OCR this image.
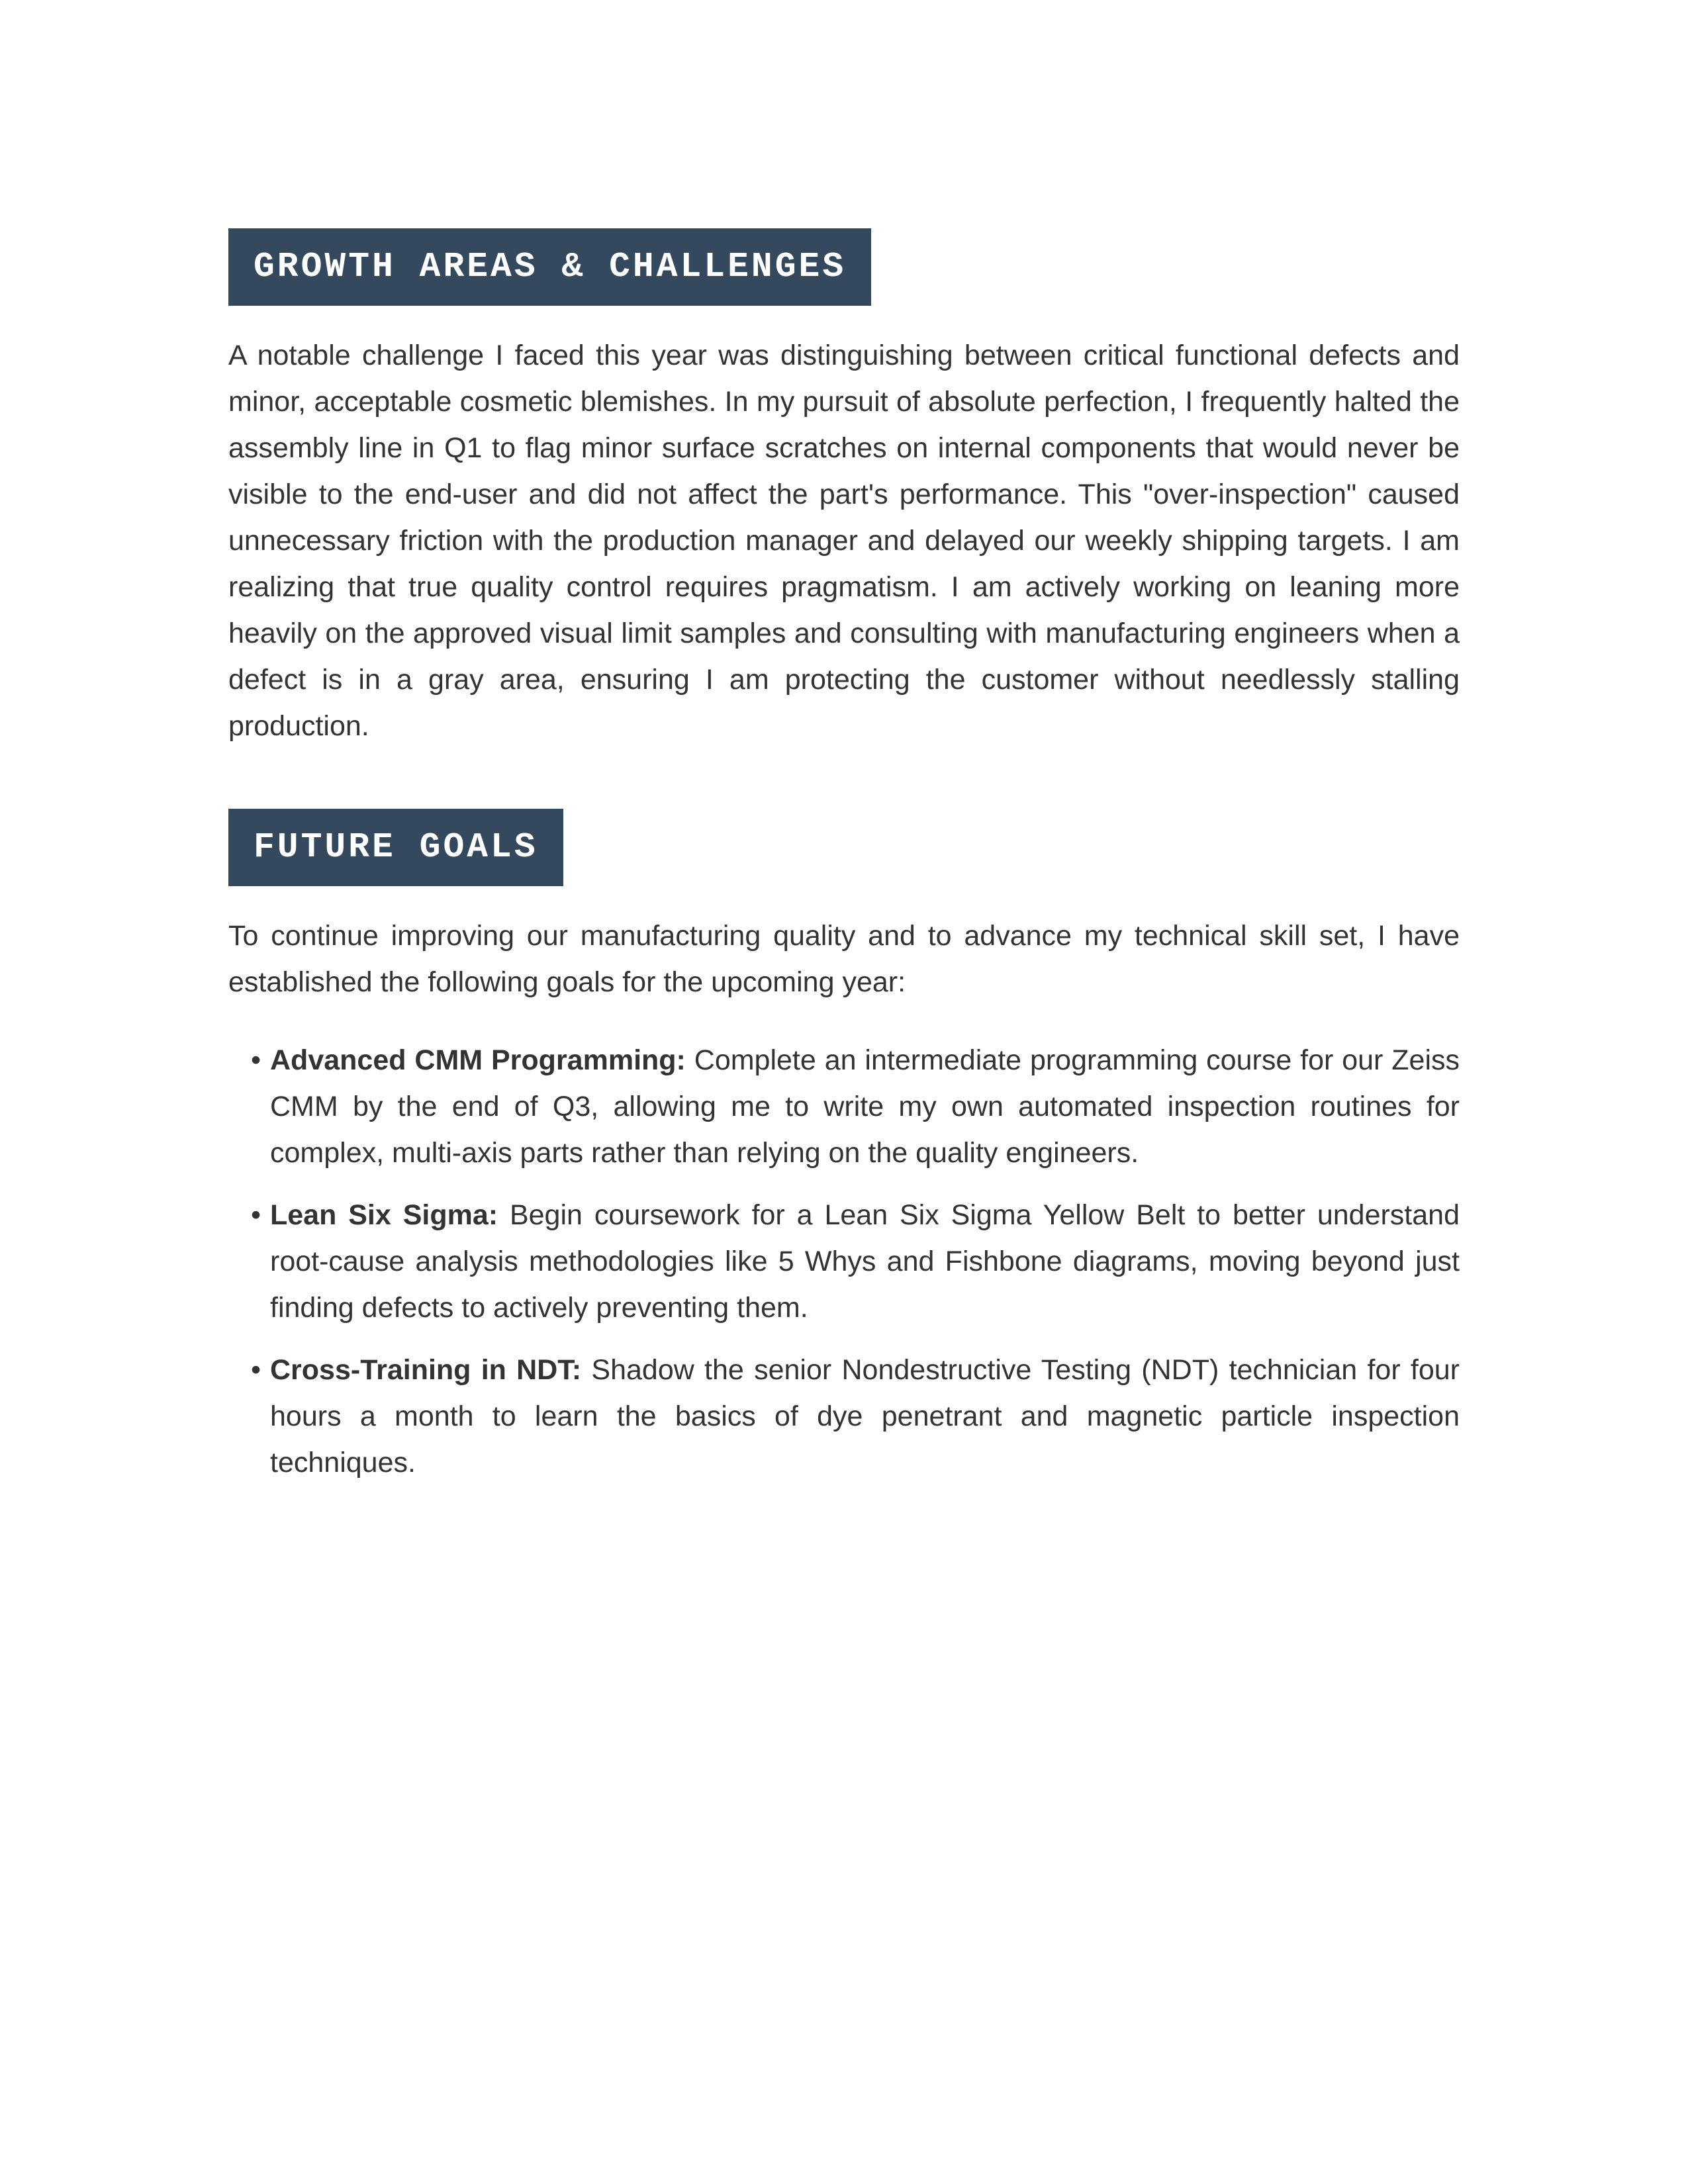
GROWTH AREAS & CHALLENGES

A notable challenge I faced this year was distinguishing between critical functional defects and minor, acceptable cosmetic blemishes. In my pursuit of absolute perfection, I frequently halted the assembly line in Q1 to flag minor surface scratches on internal components that would never be visible to the end-user and did not affect the part's performance. This "over-inspection" caused unnecessary friction with the production manager and delayed our weekly shipping targets. I am realizing that true quality control requires pragmatism. I am actively working on leaning more heavily on the approved visual limit samples and consulting with manufacturing engineers when a defect is in a gray area, ensuring I am protecting the customer without needlessly stalling production.

FUTURE GOALS

To continue improving our manufacturing quality and to advance my technical skill set, I have established the following goals for the upcoming year:

• Advanced CMM Programming: Complete an intermediate programming course for our Zeiss CMM by the end of Q3, allowing me to write my own automated inspection routines for complex, multi-axis parts rather than relying on the quality engineers.
• Lean Six Sigma: Begin coursework for a Lean Six Sigma Yellow Belt to better understand root-cause analysis methodologies like 5 Whys and Fishbone diagrams, moving beyond just finding defects to actively preventing them.
• Cross-Training in NDT: Shadow the senior Nondestructive Testing (NDT) technician for four hours a month to learn the basics of dye penetrant and magnetic particle inspection techniques.
